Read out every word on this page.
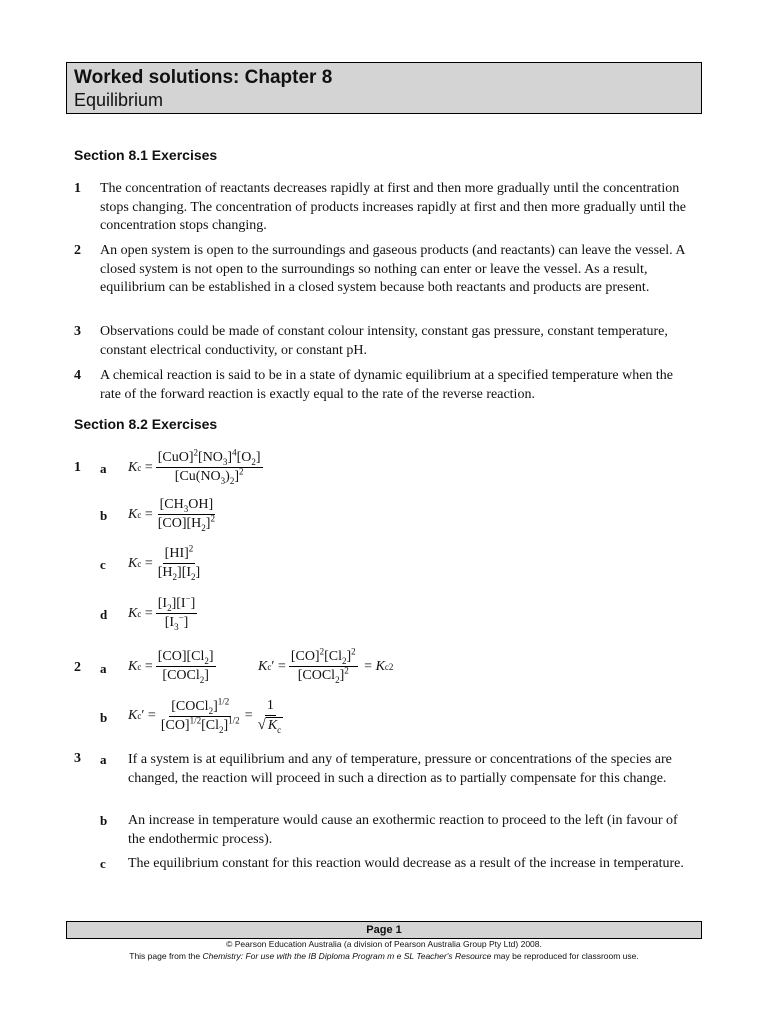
Worked solutions: Chapter 8
Equilibrium
Section 8.1 Exercises
1 The concentration of reactants decreases rapidly at first and then more gradually until the concentration stops changing. The concentration of products increases rapidly at first and then more gradually until the concentration stops changing.
2 An open system is open to the surroundings and gaseous products (and reactants) can leave the vessel. A closed system is not open to the surroundings so nothing can enter or leave the vessel. As a result, equilibrium can be established in a closed system because both reactants and products are present.
3 Observations could be made of constant colour intensity, constant gas pressure, constant temperature, constant electrical conductivity, or constant pH.
4 A chemical reaction is said to be in a state of dynamic equilibrium at a specified temperature when the rate of the forward reaction is exactly equal to the rate of the reverse reaction.
Section 8.2 Exercises
1 a K $c = \frac{[CuO]^2[NO_3]^4[O_2]}{[Cu(NO_3)_2]^2}$
b K $c = \frac{[CH_3OH]}{[CO][H_2]^2}$
c K $c = \frac{[HI]^2}{[H_2][I_2]}$
d K $c = \frac{[I_2][I^-]}{[I_3^-]}$
2 a K $c = \frac{[CO][Cl_2]}{[COCl_2]}$	K c ′ = $\frac{[CO]^2[Cl_2]^2}{[COCl_2]^2} = K$ c 2
b K c ′ = $\frac{[COCl_2]^{1/2}}{[CO]^{1/2}[Cl_2]^{1/2}} = \frac{1}{√ K_c}$
3 a If a system is at equilibrium and any of temperature, pressure or concentrations of the species are changed, the reaction will proceed in such a direction as to partially compensate for this change.
b An increase in temperature would cause an exothermic reaction to proceed to the left (in favour of the endothermic process).
c The equilibrium constant for this reaction would decrease as a result of the increase in temperature.
Page 1
© Pearson Education Australia (a division of Pearson Australia Group Pty Ltd) 2008.
This page from the Chemistry: For use with the IB Diploma Program m e SL Teacher's Resource may be reproduced for classroom use.
